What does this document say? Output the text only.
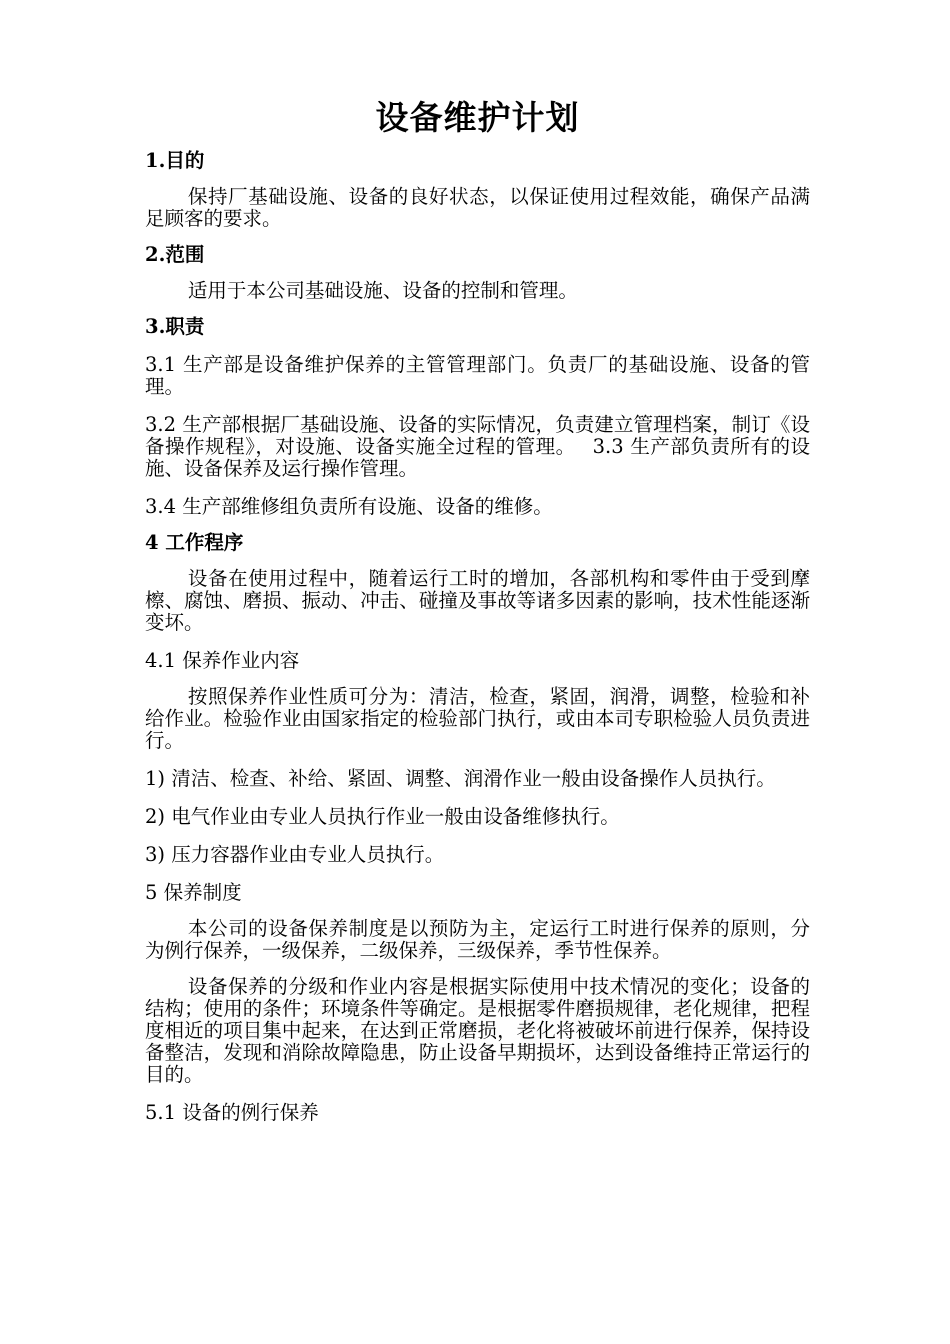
设备维护计划

1.目的

保持厂基础设施、设备的良好状态，以保证使用过程效能，确保产品满足顾客的要求。

2.范围

适用于本公司基础设施、设备的控制和管理。

3.职责

3.1 生产部是设备维护保养的主管管理部门。负责厂的基础设施、设备的管理。

3.2 生产部根据厂基础设施、设备的实际情况，负责建立管理档案，制订《设备操作规程》，对设施、设备实施全过程的管理。　 3.3 生产部负责所有的设施、设备保养及运行操作管理。

3.4 生产部维修组负责所有设施、设备的维修。

4 工作程序

设备在使用过程中，随着运行工时的增加，各部机构和零件由于受到摩檫、腐蚀、磨损、振动、冲击、碰撞及事故等诸多因素的影响，技术性能逐渐变坏。

4.1 保养作业内容

按照保养作业性质可分为：清洁，检查，紧固，润滑，调整，检验和补给作业。检验作业由国家指定的检验部门执行，或由本司专职检验人员负责进行。

1) 清洁、检查、补给、紧固、调整、润滑作业一般由设备操作人员执行。

2) 电气作业由专业人员执行作业一般由设备维修执行。

3) 压力容器作业由专业人员执行。

5 保养制度

本公司的设备保养制度是以预防为主，定运行工时进行保养的原则，分为例行保养，一级保养，二级保养，三级保养，季节性保养。

设备保养的分级和作业内容是根据实际使用中技术情况的变化；设备的结构；使用的条件；环境条件等确定。是根据零件磨损规律，老化规律，把程度相近的项目集中起来，在达到正常磨损，老化将被破坏前进行保养，保持设备整洁，发现和消除故障隐患，防止设备早期损坏，达到设备维持正常运行的目的。

5.1 设备的例行保养
